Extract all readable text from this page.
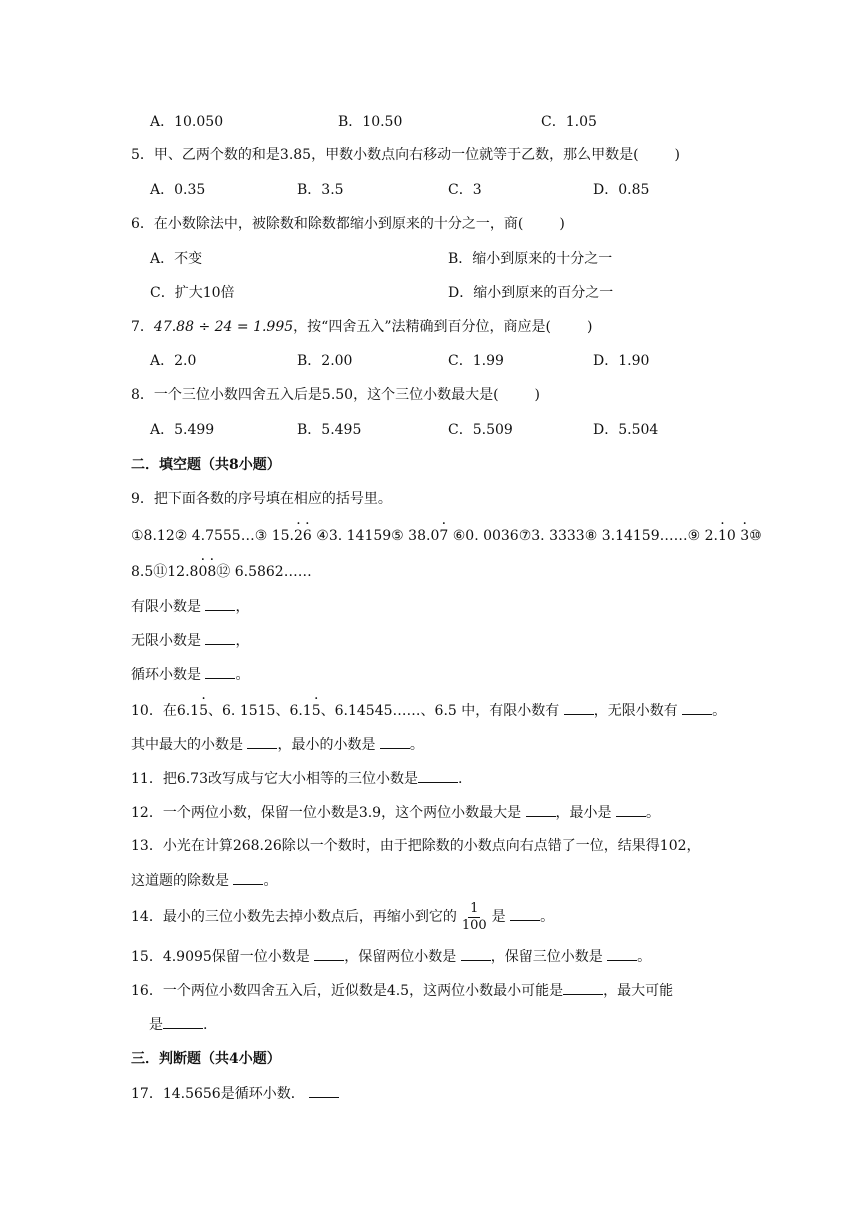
A．10.050	B．10.50	C．1.05
5．甲、乙两个数的和是3.85，甲数小数点向右移动一位就等于乙数，那么甲数是(	)
A．0.35	B．3.5	C．3	D．0.85
6．在小数除法中，被除数和除数都缩小到原来的十分之一，商(	)
A．不变	B．缩小到原来的十分之一
C．扩大10倍	D．缩小到原来的百分之一
7．47.88 ÷ 24 = 1.995，按“四舍五入”法精确到百分位，商应是(	)
A．2.0	B．2.00	C．1.99	D．1.90
8．一个三位小数四舍五入后是5.50，这个三位小数最大是(	)
A．5.499	B．5.495	C．5.509	D．5.504
二．填空题（共8小题）
9．把下面各数的序号填在相应的括号里。
①8.12② 4.7555…③ 15.· 2· 6 ④3. 14159⑤ 38.0· 7 ⑥0. 0036⑦3. 3333⑧ 3.14159……⑨ 2.· 10 · 3⑩
8.5⑪12.8· 0· 8⑫ 6.5862……
有限小数是 ，
无限小数是 ，
循环小数是 。
10．在6.1· 5、6. 1515、6.1· 5、6.14545……、6.5 中，有限小数有 ，无限小数有 。
其中最大的小数是 ，最小的小数是 。
11．把6.73改写成与它大小相等的三位小数是	.
12．一个两位小数，保留一位小数是3.9，这个两位小数最大是 ，最小是 。
13．小光在计算268.26除以一个数时，由于把除数的小数点向右点错了一位，结果得102，
这道题的除数是 。
14．最小的三位小数先去掉小数点后，再缩小到它的 $\frac{1}{100}$ 是 。
15．4.9095保留一位小数是 ，保留两位小数是 ，保留三位小数是 。
16．一个两位小数四舍五入后，近似数是4.5，这两位小数最小可能是	，最大可能
是	.
三．判断题（共4小题）
17．14.5656是循环小数．
